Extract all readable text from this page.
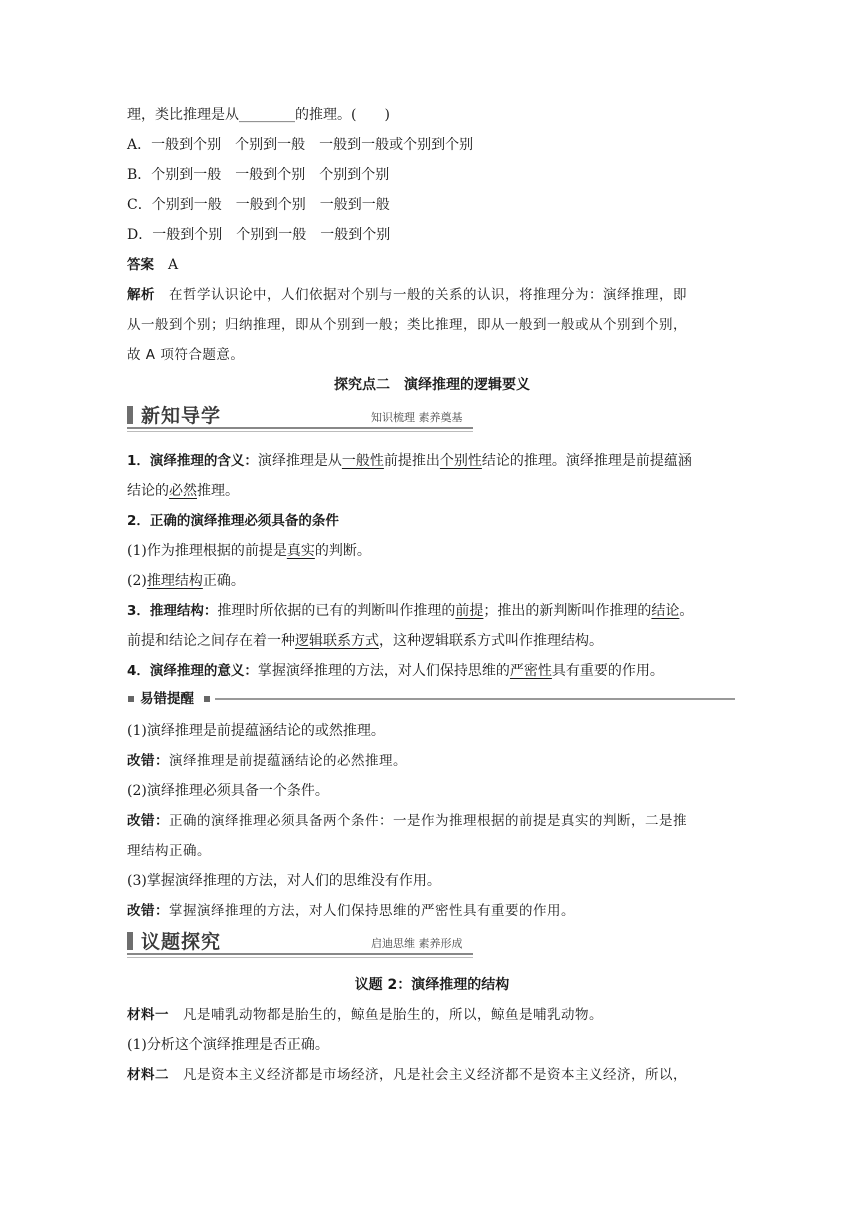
理，类比推理是从________的推理。(　　)
A．一般到个别　个别到一般　一般到一般或个别到个别
B．个别到一般　一般到个别　个别到个别
C．个别到一般　一般到个别　一般到一般
D．一般到个别　个别到一般　一般到个别
答案　 A
解析　 在哲学认识论中，人们依据对个别与一般的关系的认识，将推理分为：演绎推理，即
从一般到个别；归纳推理，即从个别到一般；类比推理，即从一般到一般或从个别到个别，
故 A 项符合题意。
探究点二　演绎推理的逻辑要义
新知导学	知识梳理 素养奠基
1．演绎推理的含义：演绎推理是从一般性前提推出个别性结论的推理。演绎推理是前提蕴涵
结论的必然推理。
2．正确的演绎推理必须具备的条件
(1)作为推理根据的前提是真实的判断。
(2)推理结构正确。
3．推理结构：推理时所依据的已有的判断叫作推理的前提；推出的新判断叫作推理的结论。
前提和结论之间存在着一种逻辑联系方式，这种逻辑联系方式叫作推理结构。
4．演绎推理的意义：掌握演绎推理的方法，对人们保持思维的严密性具有重要的作用。
易错提醒
(1)演绎推理是前提蕴涵结论的或然推理。
改错：演绎推理是前提蕴涵结论的必然推理。
(2)演绎推理必须具备一个条件。
改错：正确的演绎推理必须具备两个条件：一是作为推理根据的前提是真实的判断，二是推
理结构正确。
(3)掌握演绎推理的方法，对人们的思维没有作用。
改错：掌握演绎推理的方法，对人们保持思维的严密性具有重要的作用。
议题探究	启迪思维 素养形成
议题 2：演绎推理的结构
材料一　凡是哺乳动物都是胎生的，鲸鱼是胎生的，所以，鲸鱼是哺乳动物。
(1)分析这个演绎推理是否正确。
材料二　凡是资本主义经济都是市场经济，凡是社会主义经济都不是资本主义经济，所以，
